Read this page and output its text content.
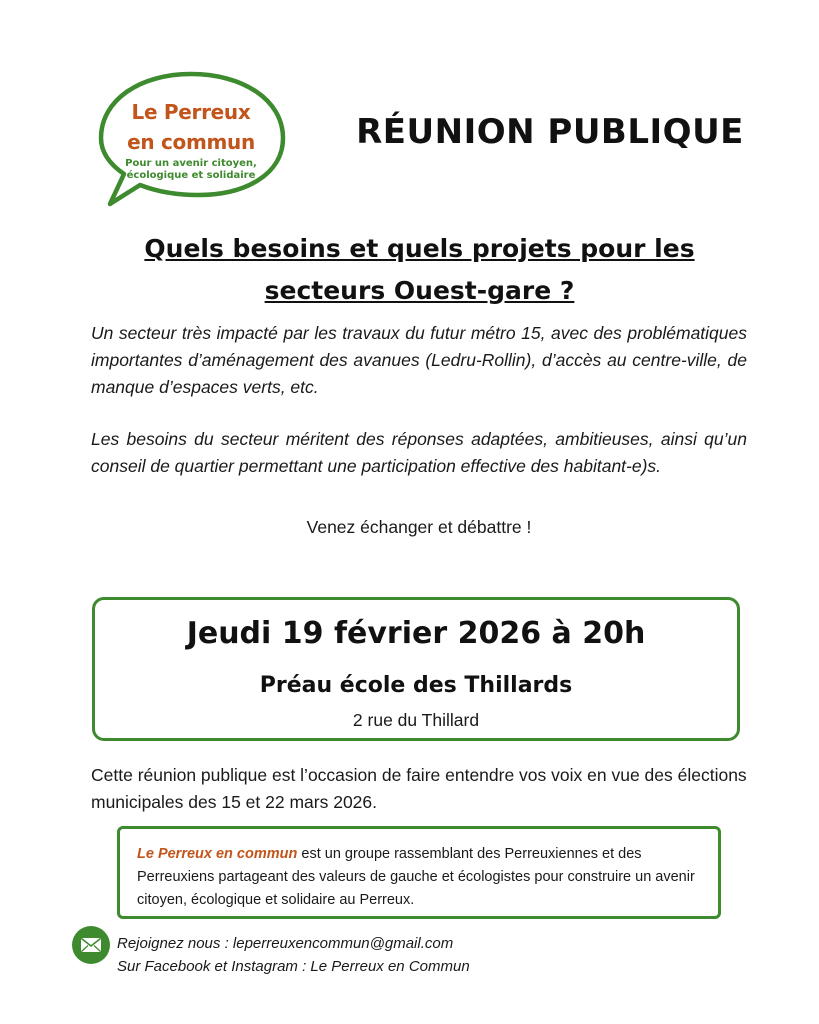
Le Perreux
en commun
Pour un avenir citoyen,
écologique et solidaire
RÉUNION PUBLIQUE
Quels besoins et quels projets pour les
secteurs Ouest-gare ?

Un secteur très impacté par les travaux du futur métro 15, avec des problématiques importantes d’aménagement des avanues (Ledru-Rollin), d’accès au centre-ville, de manque d’espaces verts, etc.

Les besoins du secteur méritent des réponses adaptées, ambitieuses, ainsi qu’un conseil de quartier permettant une participation effective des habitant-e)s.

Venez échanger et débattre !
Jeudi 19 février 2026 à 20h
Préau école des Thillards
2 rue du Thillard

Cette réunion publique est l’occasion de faire entendre vos voix en vue des élections municipales des 15 et 22 mars 2026.

Le Perreux en commun est un groupe rassemblant des Perreuxiennes et des Perreuxiens partageant des valeurs de gauche et écologistes pour construire un avenir citoyen, écologique et solidaire au Perreux.

Rejoignez nous : leperreuxencommun@gmail.com
Sur Facebook et Instagram : Le Perreux en Commun
